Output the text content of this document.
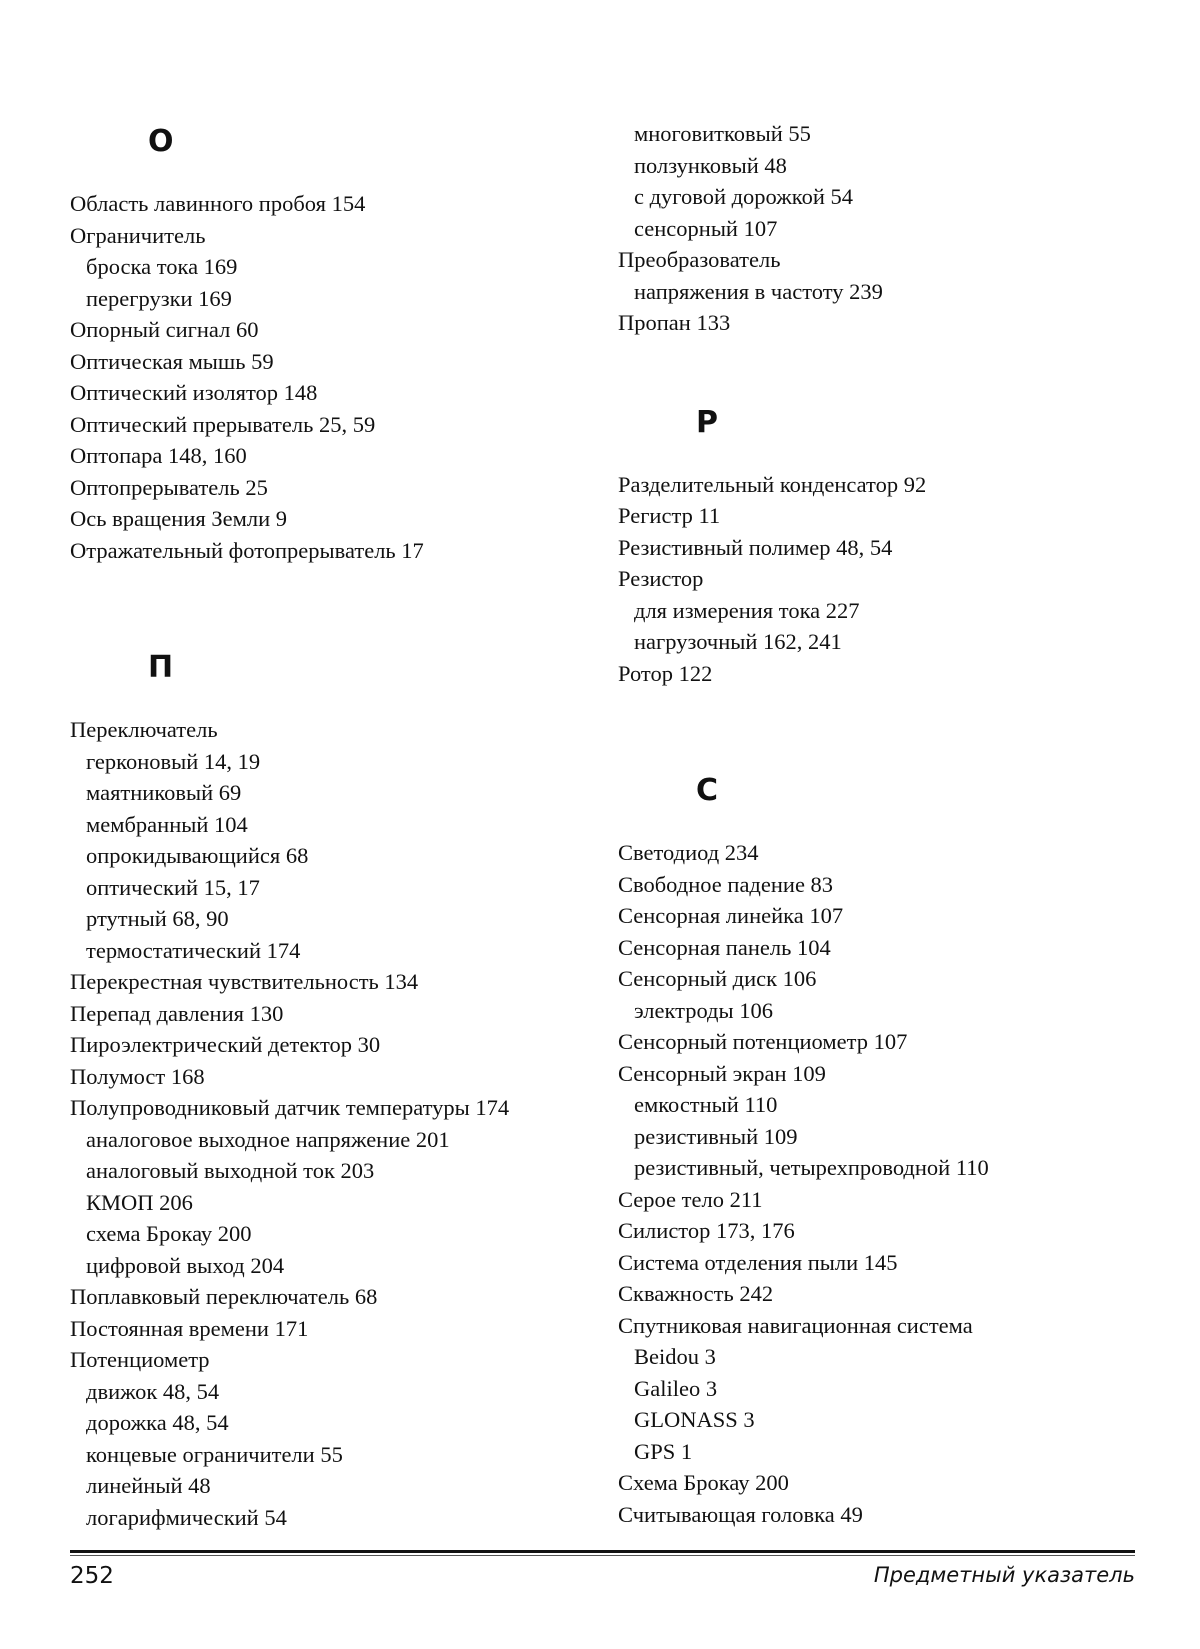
О
Область лавинного пробоя 154
Ограничитель
броска тока 169
перегрузки 169
Опорный сигнал 60
Оптическая мышь 59
Оптический изолятор 148
Оптический прерыватель 25, 59
Оптопара 148, 160
Оптопрерыватель 25
Ось вращения Земли 9
Отражательный фотопрерыватель 17
П
Переключатель
герконовый 14, 19
маятниковый 69
мембранный 104
опрокидывающийся 68
оптический 15, 17
ртутный 68, 90
термостатический 174
Перекрестная чувствительность 134
Перепад давления 130
Пироэлектрический детектор 30
Полумост 168
Полупроводниковый датчик температуры 174
аналоговое выходное напряжение 201
аналоговый выходной ток 203
КМОП 206
схема Брокау 200
цифровой выход 204
Поплавковый переключатель 68
Постоянная времени 171
Потенциометр
движок 48, 54
дорожка 48, 54
концевые ограничители 55
линейный 48
логарифмический 54
многовитковый 55
ползунковый 48
с дуговой дорожкой 54
сенсорный 107
Преобразователь
напряжения в частоту 239
Пропан 133
Р
Разделительный конденсатор 92
Регистр 11
Резистивный полимер 48, 54
Резистор
для измерения тока 227
нагрузочный 162, 241
Ротор 122
С
Светодиод 234
Свободное падение 83
Сенсорная линейка 107
Сенсорная панель 104
Сенсорный диск 106
электроды 106
Сенсорный потенциометр 107
Сенсорный экран 109
емкостный 110
резистивный 109
резистивный, четырехпроводной 110
Серое тело 211
Силистор 173, 176
Система отделения пыли 145
Скважность 242
Спутниковая навигационная система
Beidou 3
Galileo 3
GLONASS 3
GPS 1
Схема Брокау 200
Считывающая головка 49
252	Предметный указатель
